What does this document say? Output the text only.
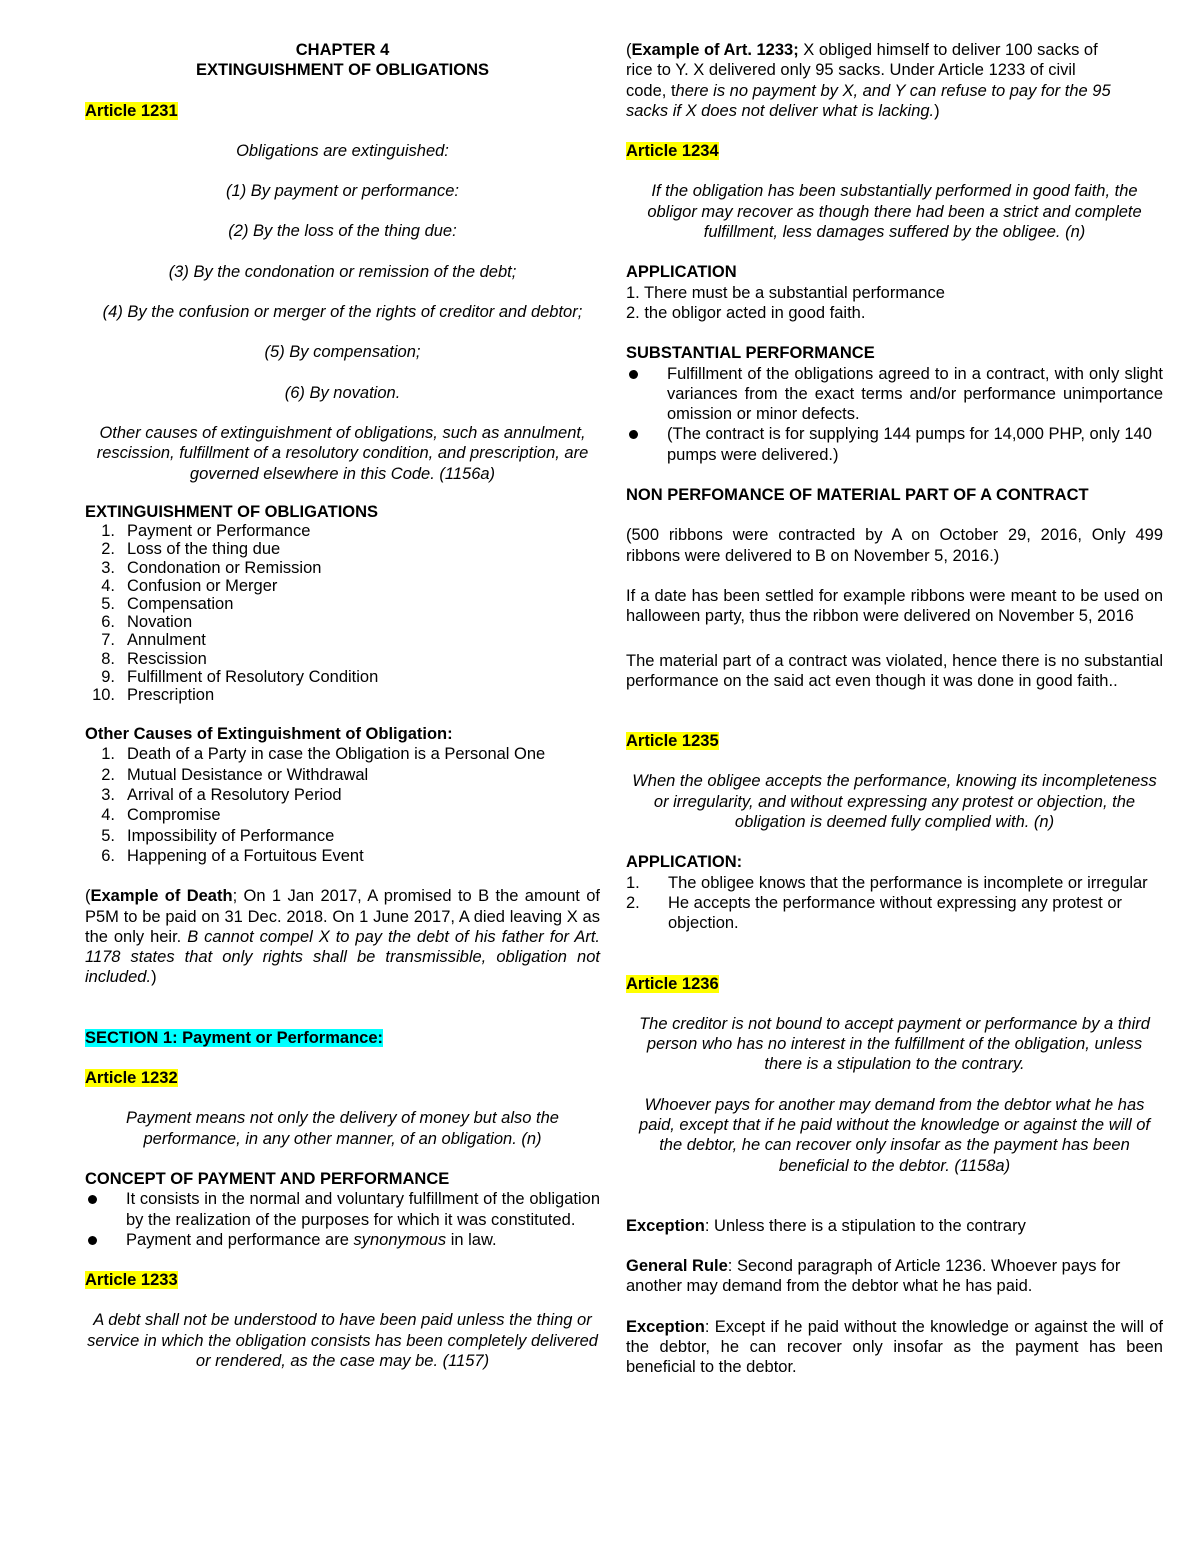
CHAPTER 4

EXTINGUISHMENT OF OBLIGATIONS

Article 1231

Obligations are extinguished:

(1) By payment or performance:

(2) By the loss of the thing due:

(3) By the condonation or remission of the debt;

(4) By the confusion or merger of the rights of creditor and debtor;

(5) By compensation;

(6) By novation.

Other causes of extinguishment of obligations, such as annulment, rescission, fulfillment of a resolutory condition, and prescription, are governed elsewhere in this Code. (1156a)

EXTINGUISHMENT OF OBLIGATIONS

1. Payment or Performance
2. Loss of the thing due
3. Condonation or Remission
4. Confusion or Merger
5. Compensation
6. Novation
7. Annulment
8. Rescission
9. Fulfillment of Resolutory Condition
10. Prescription

Other Causes of Extinguishment of Obligation:

1. Death of a Party in case the Obligation is a Personal One
2. Mutual Desistance or Withdrawal
3. Arrival of a Resolutory Period
4. Compromise
5. Impossibility of Performance
6. Happening of a Fortuitous Event

(Example of Death; On 1 Jan 2017, A promised to B the amount of P5M to be paid on 31 Dec. 2018. On 1 June 2017, A died leaving X as the only heir. B cannot compel X to pay the debt of his father for Art. 1178 states that only rights shall be transmissible, obligation not included.)

SECTION 1: Payment or Performance:

Article 1232

Payment means not only the delivery of money but also the performance, in any other manner, of an obligation. (n)

CONCEPT OF PAYMENT AND PERFORMANCE

It consists in the normal and voluntary fulfillment of the obligation by the realization of the purposes for which it was constituted.
Payment and performance are synonymous in law.

Article 1233

A debt shall not be understood to have been paid unless the thing or service in which the obligation consists has been completely delivered or rendered, as the case may be. (1157)

(Example of Art. 1233; X obliged himself to deliver 100 sacks of rice to Y. X delivered only 95 sacks. Under Article 1233 of civil code, there is no payment by X, and Y can refuse to pay for the 95 sacks if X does not deliver what is lacking.)

Article 1234

If the obligation has been substantially performed in good faith, the obligor may recover as though there had been a strict and complete fulfillment, less damages suffered by the obligee. (n)

APPLICATION

1. There must be a substantial performance

2. the obligor acted in good faith.

SUBSTANTIAL PERFORMANCE

Fulfillment of the obligations agreed to in a contract, with only slight variances from the exact terms and/or performance unimportance omission or minor defects.
(The contract is for supplying 144 pumps for 14,000 PHP, only 140 pumps were delivered.)

NON PERFOMANCE OF MATERIAL PART OF A CONTRACT

(500 ribbons were contracted by A on October 29, 2016, Only 499 ribbons were delivered to B on November 5, 2016.)

If a date has been settled for example ribbons were meant to be used on halloween party, thus the ribbon were delivered on November 5, 2016

The material part of a contract was violated, hence there is no substantial performance on the said act even though it was done in good faith..

Article 1235

When the obligee accepts the performance, knowing its incompleteness or irregularity, and without expressing any protest or objection, the obligation is deemed fully complied with. (n)

APPLICATION:

1.	The obligee knows that the performance is incomplete or irregular
2.	He accepts the performance without expressing any protest or objection.

Article 1236

The creditor is not bound to accept payment or performance by a third person who has no interest in the fulfillment of the obligation, unless there is a stipulation to the contrary.

Whoever pays for another may demand from the debtor what he has paid, except that if he paid without the knowledge or against the will of the debtor, he can recover only insofar as the payment has been beneficial to the debtor. (1158a)

Exception: Unless there is a stipulation to the contrary

General Rule: Second paragraph of Article 1236. Whoever pays for another may demand from the debtor what he has paid.

Exception: Except if he paid without the knowledge or against the will of the debtor, he can recover only insofar as the payment has been beneficial to the debtor.
